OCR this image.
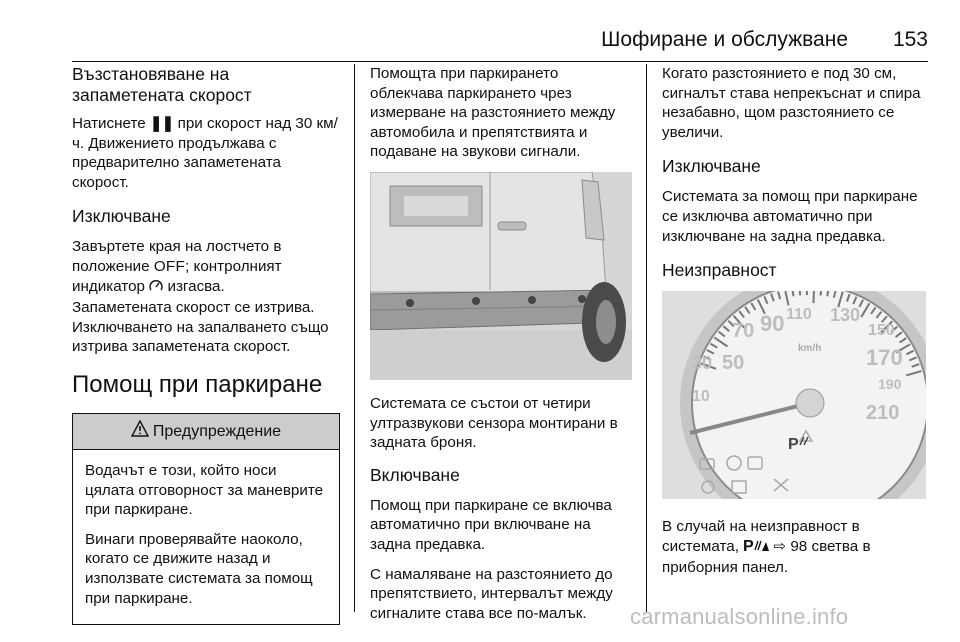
Шофиране и обслужване 153
Възстановяване на запаметената скорост

Натиснете ❚❚ при скорост над 30 км/ч. Движението продължава с предварително запаметената скорост.

Изключване

Завъртете края на лостчето в положение OFF; контролният индикатор изгасва.

Запаметената скорост се изтрива. Изключването на запалването също изтрива запаметената скорост.

Помощ при паркиране
Предупреждение

Водачът е този, който носи цялата отговорност за маневрите при паркиране.

Винаги проверявайте наоколо, когато се движите назад и използвате системата за помощ при паркиране.

Помощта при паркирането облекчава паркирането чрез измерване на разстоянието между автомобила и препятствията и подаване на звукови сигнали.

Системата се състои от четири ултразвукови сензора монтирани в задната броня.

Включване

Помощ при паркиране се включва автоматично при включване на задна предавка.

С намаляване на разстоянието до препятствието, интервалът между сигналите става все по-малък.

Когато разстоянието е под 30 см, сигналът става непрекъснат и спира незабавно, щом разстоянието се увеличи.

Изключване

Системата за помощ при паркиране се изключва автоматично при изключване на задна предавка.

Неизправност
10
30 50
70 90 110 130
150
170
190
210
km/h
P

В случай на неизправност в системата, P ⇨ 98 светва в приборния панел.

carmanualsonline.info
